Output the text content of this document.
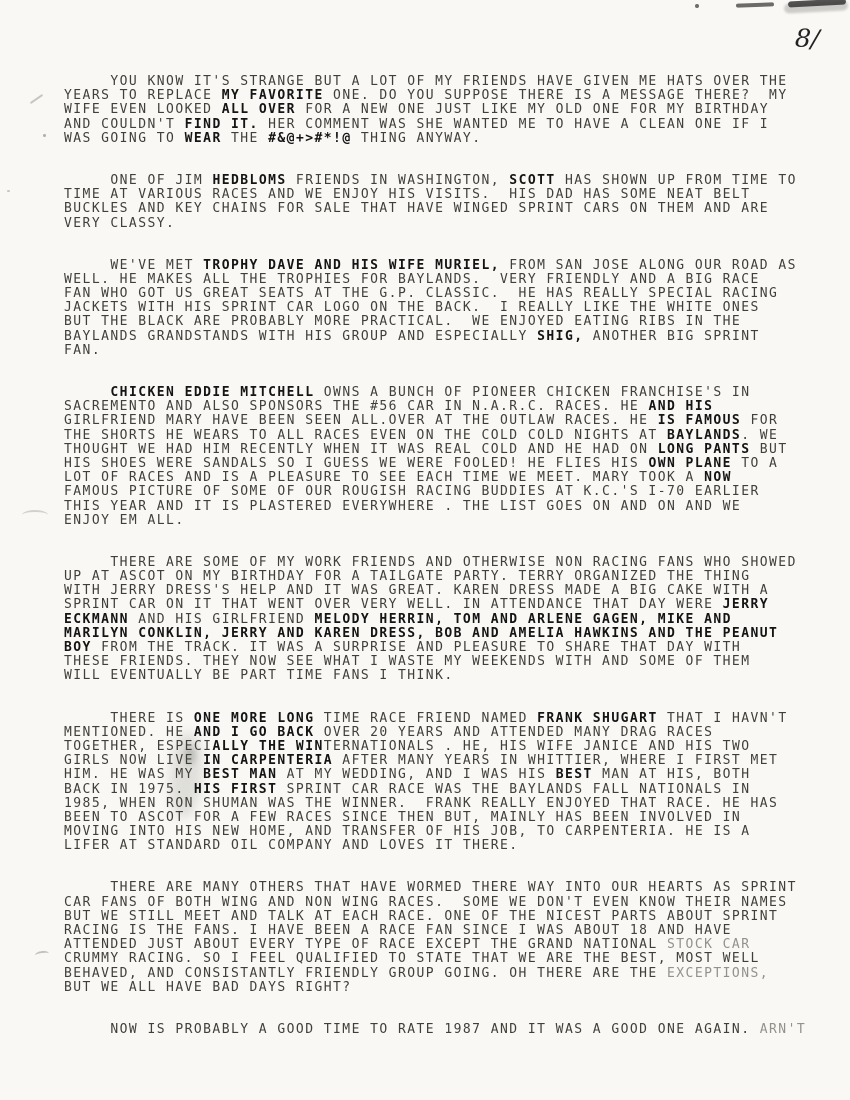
8/
YOU KNOW IT'S STRANGE BUT A LOT OF MY FRIENDS HAVE GIVEN ME HATS OVER THE
YEARS TO REPLACE MY FAVORITE ONE. DO YOU SUPPOSE THERE IS A MESSAGE THERE?  MY
WIFE EVEN LOOKED ALL OVER FOR A NEW ONE JUST LIKE MY OLD ONE FOR MY BIRTHDAY
AND COULDN'T FIND IT. HER COMMENT WAS SHE WANTED ME TO HAVE A CLEAN ONE IF I
WAS GOING TO WEAR THE #&@+>#*!@ THING ANYWAY.
ONE OF JIM HEDBLOMS FRIENDS IN WASHINGTON, SCOTT HAS SHOWN UP FROM TIME TO
TIME AT VARIOUS RACES AND WE ENJOY HIS VISITS.  HIS DAD HAS SOME NEAT BELT
BUCKLES AND KEY CHAINS FOR SALE THAT HAVE WINGED SPRINT CARS ON THEM AND ARE
VERY CLASSY.
WE'VE MET TROPHY DAVE AND HIS WIFE MURIEL, FROM SAN JOSE ALONG OUR ROAD AS
WELL. HE MAKES ALL THE TROPHIES FOR BAYLANDS.  VERY FRIENDLY AND A BIG RACE
FAN WHO GOT US GREAT SEATS AT THE G.P. CLASSIC.  HE HAS REALLY SPECIAL RACING
JACKETS WITH HIS SPRINT CAR LOGO ON THE BACK.  I REALLY LIKE THE WHITE ONES
BUT THE BLACK ARE PROBABLY MORE PRACTICAL.  WE ENJOYED EATING RIBS IN THE
BAYLANDS GRANDSTANDS WITH HIS GROUP AND ESPECIALLY SHIG, ANOTHER BIG SPRINT
FAN.
CHICKEN EDDIE MITCHELL OWNS A BUNCH OF PIONEER CHICKEN FRANCHISE'S IN
SACREMENTO AND ALSO SPONSORS THE #56 CAR IN N.A.R.C. RACES. HE AND HIS
GIRLFRIEND MARY HAVE BEEN SEEN ALL.OVER AT THE OUTLAW RACES. HE IS FAMOUS FOR
THE SHORTS HE WEARS TO ALL RACES EVEN ON THE COLD COLD NIGHTS AT BAYLANDS. WE
THOUGHT WE HAD HIM RECENTLY WHEN IT WAS REAL COLD AND HE HAD ON LONG PANTS BUT
HIS SHOES WERE SANDALS SO I GUESS WE WERE FOOLED! HE FLIES HIS OWN PLANE TO A
LOT OF RACES AND IS A PLEASURE TO SEE EACH TIME WE MEET. MARY TOOK A NOW
FAMOUS PICTURE OF SOME OF OUR ROUGISH RACING BUDDIES AT K.C.'S I-70 EARLIER
THIS YEAR AND IT IS PLASTERED EVERYWHERE . THE LIST GOES ON AND ON AND WE
ENJOY EM ALL.
THERE ARE SOME OF MY WORK FRIENDS AND OTHERWISE NON RACING FANS WHO SHOWED
UP AT ASCOT ON MY BIRTHDAY FOR A TAILGATE PARTY. TERRY ORGANIZED THE THING
WITH JERRY DRESS'S HELP AND IT WAS GREAT. KAREN DRESS MADE A BIG CAKE WITH A
SPRINT CAR ON IT THAT WENT OVER VERY WELL. IN ATTENDANCE THAT DAY WERE JERRY
ECKMANN AND HIS GIRLFRIEND MELODY HERRIN, TOM AND ARLENE GAGEN, MIKE AND
MARILYN CONKLIN, JERRY AND KAREN DRESS, BOB AND AMELIA HAWKINS AND THE PEANUT
BOY FROM THE TRACK. IT WAS A SURPRISE AND PLEASURE TO SHARE THAT DAY WITH
THESE FRIENDS. THEY NOW SEE WHAT I WASTE MY WEEKENDS WITH AND SOME OF THEM
WILL EVENTUALLY BE PART TIME FANS I THINK.
THERE IS ONE MORE LONG TIME RACE FRIEND NAMED FRANK SHUGART THAT I HAVN'T
MENTIONED. HE AND I GO BACK OVER 20 YEARS AND ATTENDED MANY DRAG RACES
TOGETHER, ESPECIALLY THE WINTERNATIONALS . HE, HIS WIFE JANICE AND HIS TWO
GIRLS NOW LIVE IN CARPENTERIA AFTER MANY YEARS IN WHITTIER, WHERE I FIRST MET
HIM. HE WAS MY BEST MAN AT MY WEDDING, AND I WAS HIS BEST MAN AT HIS, BOTH
BACK IN 1975. HIS FIRST SPRINT CAR RACE WAS THE BAYLANDS FALL NATIONALS IN
1985, WHEN RON SHUMAN WAS THE WINNER.  FRANK REALLY ENJOYED THAT RACE. HE HAS
BEEN TO ASCOT FOR A FEW RACES SINCE THEN BUT, MAINLY HAS BEEN INVOLVED IN
MOVING INTO HIS NEW HOME, AND TRANSFER OF HIS JOB, TO CARPENTERIA. HE IS A
LIFER AT STANDARD OIL COMPANY AND LOVES IT THERE.
THERE ARE MANY OTHERS THAT HAVE WORMED THERE WAY INTO OUR HEARTS AS SPRINT
CAR FANS OF BOTH WING AND NON WING RACES.  SOME WE DON'T EVEN KNOW THEIR NAMES
BUT WE STILL MEET AND TALK AT EACH RACE. ONE OF THE NICEST PARTS ABOUT SPRINT
RACING IS THE FANS. I HAVE BEEN A RACE FAN SINCE I WAS ABOUT 18 AND HAVE
ATTENDED JUST ABOUT EVERY TYPE OF RACE EXCEPT THE GRAND NATIONAL STOCK CAR
CRUMMY RACING. SO I FEEL QUALIFIED TO STATE THAT WE ARE THE BEST, MOST WELL
BEHAVED, AND CONSISTANTLY FRIENDLY GROUP GOING. OH THERE ARE THE EXCEPTIONS,
BUT WE ALL HAVE BAD DAYS RIGHT?
NOW IS PROBABLY A GOOD TIME TO RATE 1987 AND IT WAS A GOOD ONE AGAIN. ARN'T
